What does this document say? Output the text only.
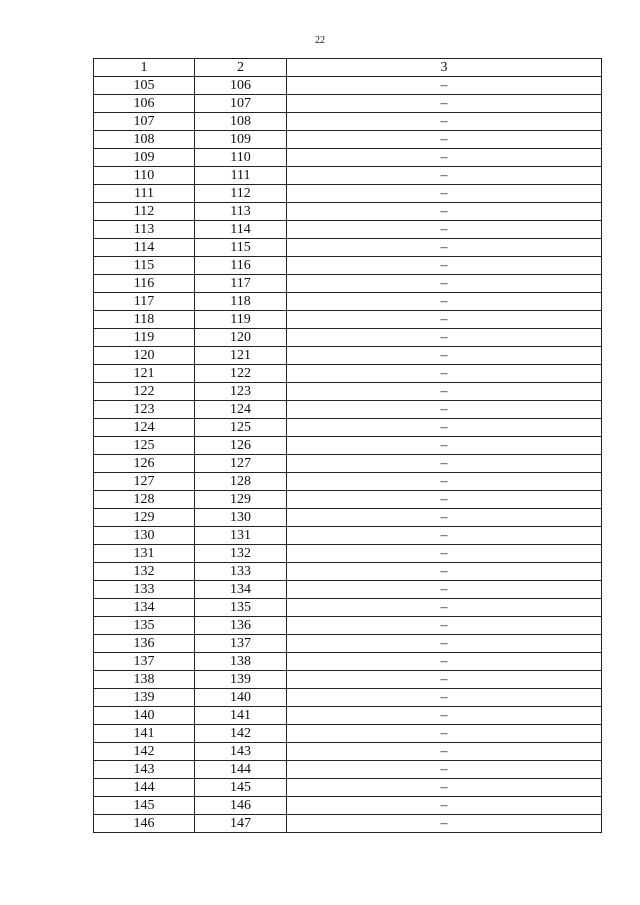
22
1	2	3
105	106	–
106	107	–
107	108	–
108	109	–
109	110	–
110	111	–
111	112	–
112	113	–
113	114	–
114	115	–
115	116	–
116	117	–
117	118	–
118	119	–
119	120	–
120	121	–
121	122	–
122	123	–
123	124	–
124	125	–
125	126	–
126	127	–
127	128	–
128	129	–
129	130	–
130	131	–
131	132	–
132	133	–
133	134	–
134	135	–
135	136	–
136	137	–
137	138	–
138	139	–
139	140	–
140	141	–
141	142	–
142	143	–
143	144	–
144	145	–
145	146	–
146	147	–
